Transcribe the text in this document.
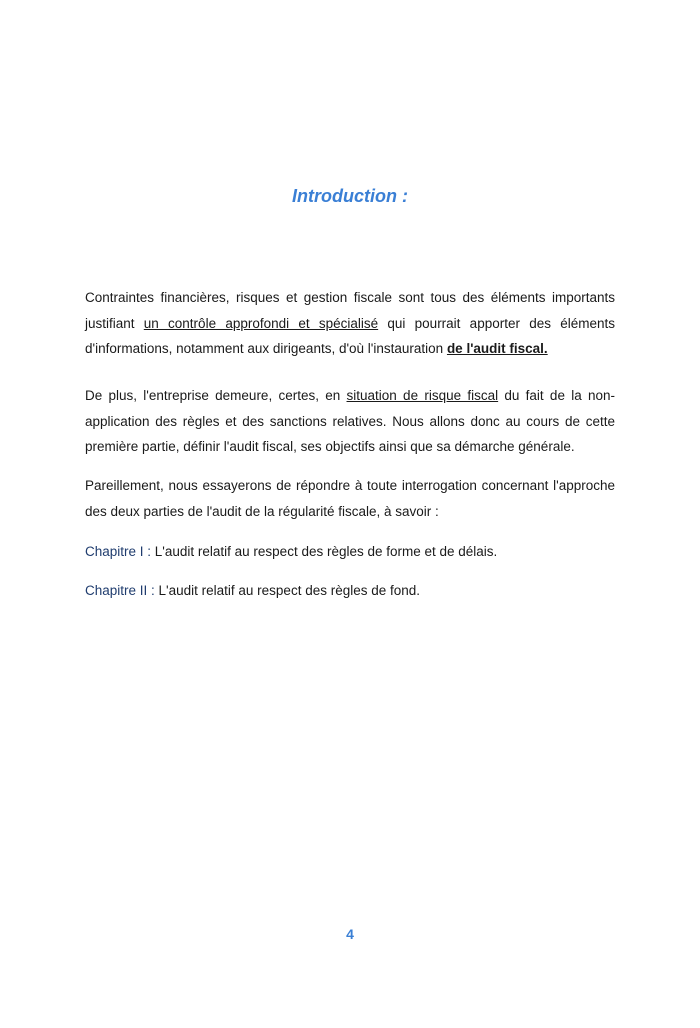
Introduction :
Contraintes financières, risques et gestion fiscale sont tous des éléments importants justifiant un contrôle approfondi et spécialisé qui pourrait apporter des éléments d'informations, notamment aux dirigeants, d'où l'instauration de l'audit fiscal.
De plus, l'entreprise demeure, certes, en situation de risque fiscal du fait de la non-application des règles et des sanctions relatives. Nous allons donc au cours de cette première partie, définir l'audit fiscal, ses objectifs ainsi que sa démarche générale.
Pareillement, nous essayerons de répondre à toute interrogation concernant l'approche des deux parties de l'audit de la régularité fiscale, à savoir :
Chapitre I : L'audit relatif au respect des règles de forme et de délais.
Chapitre II : L'audit relatif au respect des règles de fond.
4
